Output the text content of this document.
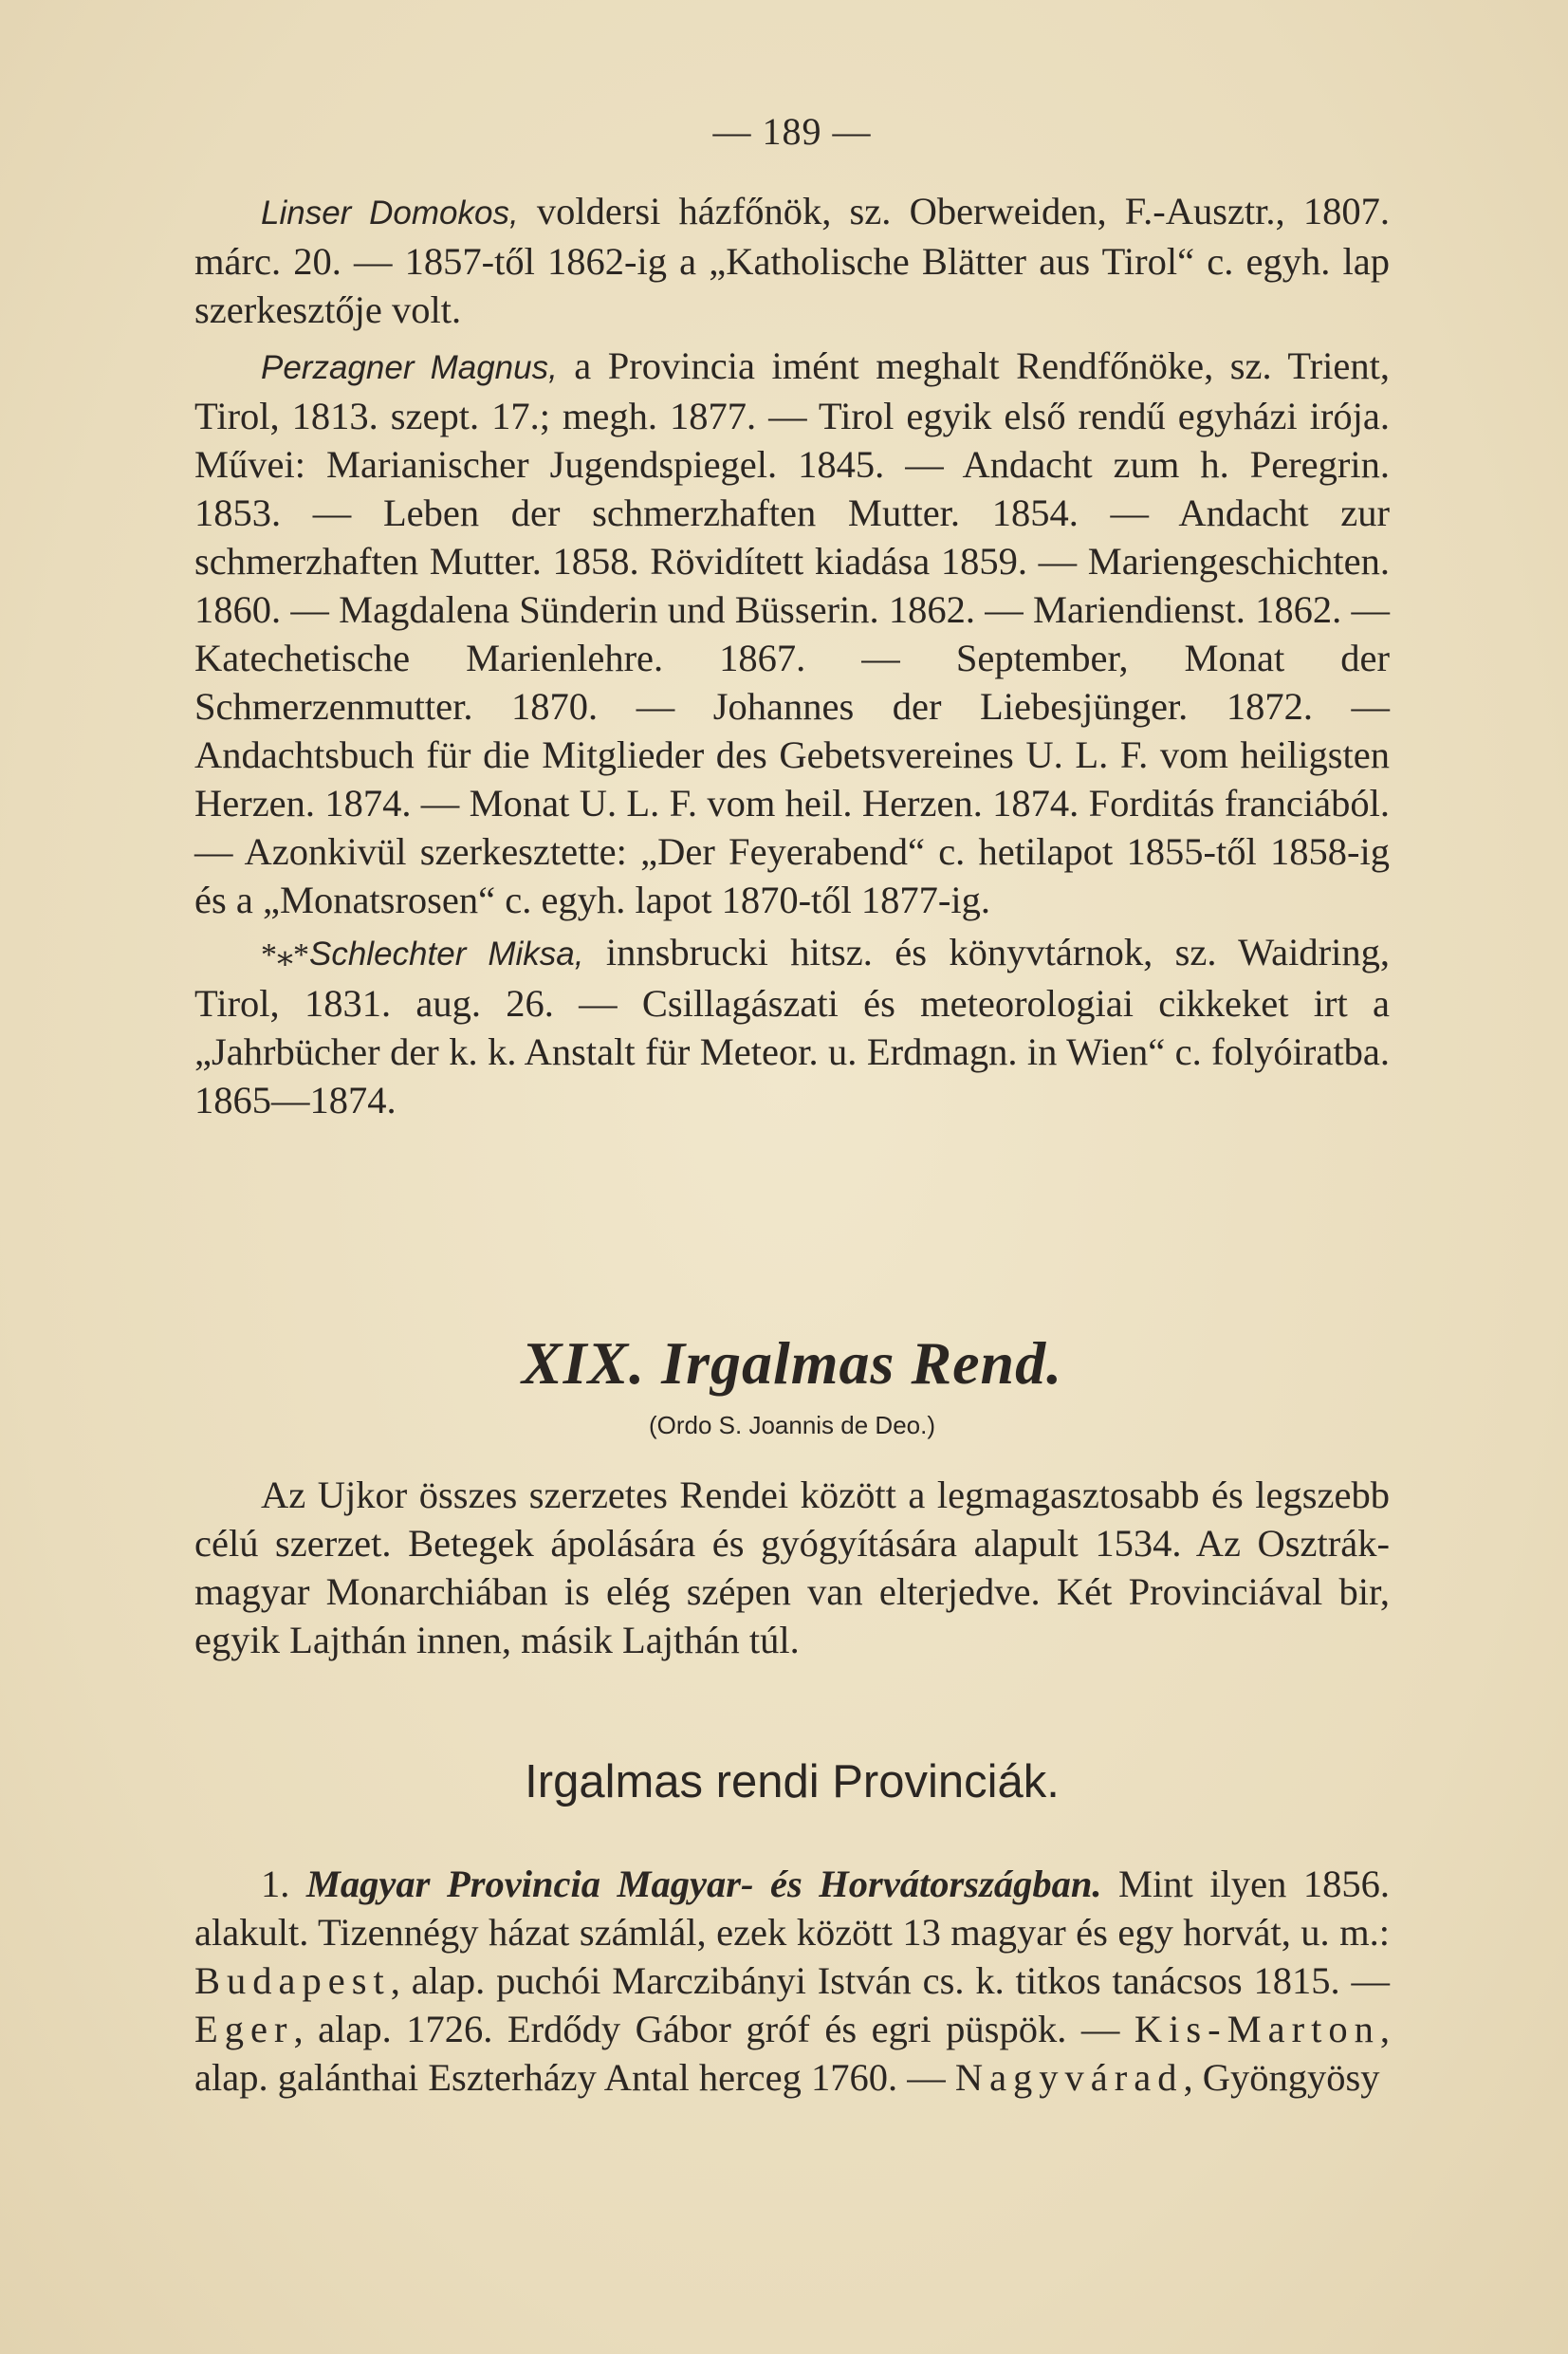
— 189 —

Linser Domokos, voldersi házfőnök, sz. Oberweiden, F.-Ausztr., 1807. márc. 20. — 1857-től 1862-ig a „Katholische Blätter aus Tirol“ c. egyh. lap szerkesztője volt.

Perzagner Magnus, a Provincia imént meghalt Rendfőnöke, sz. Trient, Tirol, 1813. szept. 17.; megh. 1877. — Tirol egyik első rendű egyházi irója. Művei: Marianischer Jugendspiegel. 1845. — Andacht zum h. Peregrin. 1853. — Leben der schmerzhaften Mutter. 1854. — Andacht zur schmerzhaften Mutter. 1858. Rövidített kiadása 1859. — Mariengeschichten. 1860. — Magdalena Sünderin und Büsserin. 1862. — Mariendienst. 1862. — Katechetische Marienlehre. 1867. — September, Monat der Schmerzenmutter. 1870. — Johannes der Liebesjünger. 1872. — Andachtsbuch für die Mitglieder des Gebetsvereines U. L. F. vom heiligsten Herzen. 1874. — Monat U. L. F. vom heil. Herzen. 1874. Forditás franciából. — Azonkivül szerkesztette: „Der Feyerabend“ c. hetilapot 1855-től 1858-ig és a „Monatsrosen“ c. egyh. lapot 1870-től 1877-ig.

*⁎*Schlechter Miksa, innsbrucki hitsz. és könyvtárnok, sz. Waidring, Tirol, 1831. aug. 26. — Csillagászati és meteorologiai cikkeket irt a „Jahrbücher der k. k. Anstalt für Meteor. u. Erdmagn. in Wien“ c. folyóiratba. 1865—1874.

XIX. Irgalmas Rend.
(Ordo S. Joannis de Deo.)

Az Ujkor összes szerzetes Rendei között a legmagasztosabb és legszebb célú szerzet. Betegek ápolására és gyógyítására alapult 1534. Az Osztrák-magyar Monarchiában is elég szépen van elterjedve. Két Provinciával bir, egyik Lajthán innen, másik Lajthán túl.

Irgalmas rendi Provinciák.

1. Magyar Provincia Magyar- és Horvátországban. Mint ilyen 1856. alakult. Tizennégy házat számlál, ezek között 13 magyar és egy horvát, u. m.: Budapest, alap. puchói Marczibányi István cs. k. titkos tanácsos 1815. — Eger, alap. 1726. Erdődy Gábor gróf és egri püspök. — Kis-Marton, alap. galánthai Eszterházy Antal herceg 1760. — Nagyvárad, Gyöngyösy
